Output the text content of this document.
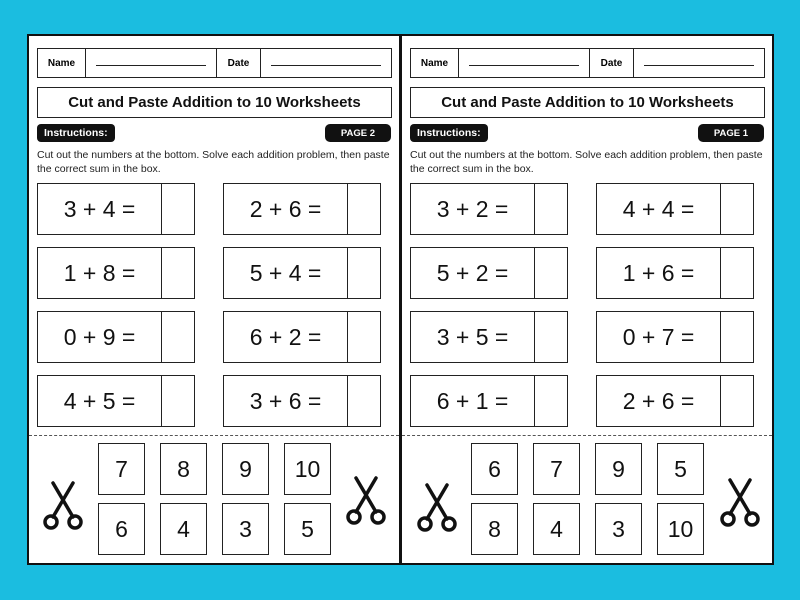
Name	Date
Cut and Paste Addition to 10 Worksheets
Instructions:	PAGE 2
Cut out the numbers at the bottom. Solve each addition problem, then paste the correct sum in the box.
3 + 4 =	2 + 6 =
1 + 8 =	5 + 4 =
0 + 9 =	6 + 2 =
4 + 5 =	3 + 6 =
7	8	9	10
6	4	3	5
Name	Date
Cut and Paste Addition to 10 Worksheets
Instructions:	PAGE 1
Cut out the numbers at the bottom. Solve each addition problem, then paste the correct sum in the box.
3 + 2 =	4 + 4 =
5 + 2 =	1 + 6 =
3 + 5 =	0 + 7 =
6 + 1 =	2 + 6 =
6	7	9	5
8	4	3	10
